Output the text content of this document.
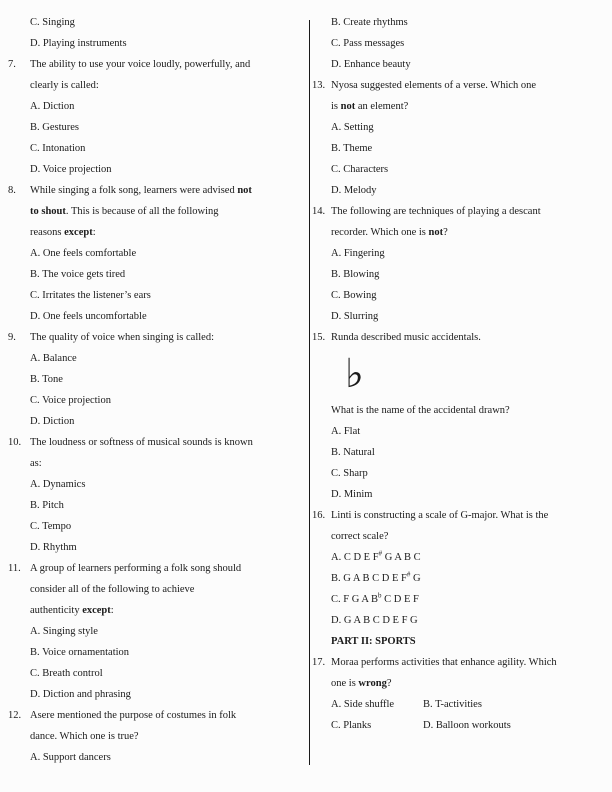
C. Singing
D. Playing instruments
7.	The ability to use your voice loudly, powerfully, and
clearly is called:
A. Diction
B. Gestures
C. Intonation
D. Voice projection
8.	While singing a folk song, learners were advised not
to shout. This is because of all the following
reasons except:
A. One feels comfortable
B. The voice gets tired
C. Irritates the listener’s ears
D. One feels uncomfortable
9.	The quality of voice when singing is called:
A. Balance
B. Tone
C. Voice projection
D. Diction
10. The loudness or softness of musical sounds is known
as:
A. Dynamics
B. Pitch
C. Tempo
D. Rhythm
11. A group of learners performing a folk song should
consider all of the following to achieve
authenticity except:
A. Singing style
B. Voice ornamentation
C. Breath control
D. Diction and phrasing
12. Asere mentioned the purpose of costumes in folk
dance. Which one is true?
A. Support dancers
B. Create rhythms
C. Pass messages
D. Enhance beauty
13. Nyosa suggested elements of a verse. Which one
is not an element?
A. Setting
B. Theme
C. Characters
D. Melody
14. The following are techniques of playing a descant
recorder. Which one is not?
A. Fingering
B. Blowing
C. Bowing
D. Slurring
15. Runda described music accidentals.
♭
What is the name of the accidental drawn?
A. Flat
B. Natural
C. Sharp
D. Minim
16. Linti is constructing a scale of G-major. What is the
correct scale?
A. C D E F# G A B C
B. G A B C D E F# G
C. F G A $B^b$ C D E F
D. G A B C D E F G
PART II: SPORTS
17. Moraa performs activities that enhance agility. Which
one is wrong?
A. Side shuffle	B. T-activities
C. Planks	D. Balloon workouts
